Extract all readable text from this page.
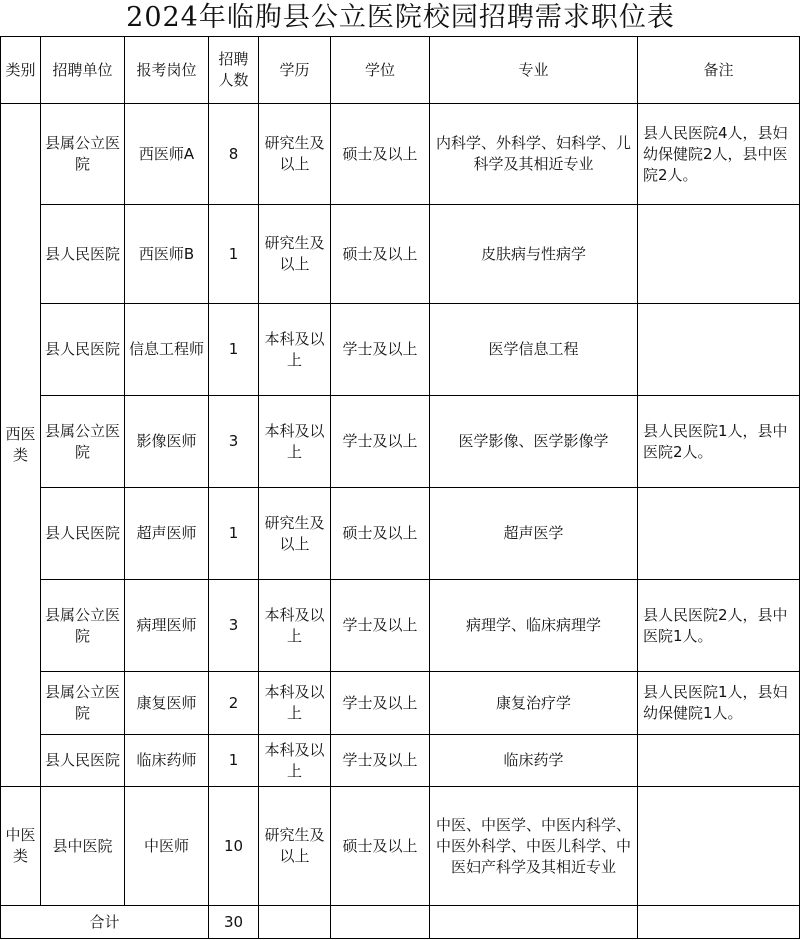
2024年临朐县公立医院校园招聘需求职位表
类别	招聘单位	报考岗位	招聘人数	学历	学位	专业	备注
西医类	县属公立医院	西医师A	8	研究生及以上	硕士及以上	内科学、外科学、妇科学、儿科学及其相近专业	县人民医院4人，县妇幼保健院2人，县中医院2人。
	县人民医院	西医师B	1	研究生及以上	硕士及以上	皮肤病与性病学	
	县人民医院	信息工程师	1	本科及以上	学士及以上	医学信息工程	
	县属公立医院	影像医师	3	本科及以上	学士及以上	医学影像、医学影像学	县人民医院1人，县中医院2人。
	县人民医院	超声医师	1	研究生及以上	硕士及以上	超声医学	
	县属公立医院	病理医师	3	本科及以上	学士及以上	病理学、临床病理学	县人民医院2人，县中医院1人。
	县属公立医院	康复医师	2	本科及以上	学士及以上	康复治疗学	县人民医院1人，县妇幼保健院1人。
	县人民医院	临床药师	1	本科及以上	学士及以上	临床药学	
中医类	县中医院	中医师	10	研究生及以上	硕士及以上	中医、中医学、中医内科学、中医外科学、中医儿科学、中医妇产科学及其相近专业	
合计			30				
